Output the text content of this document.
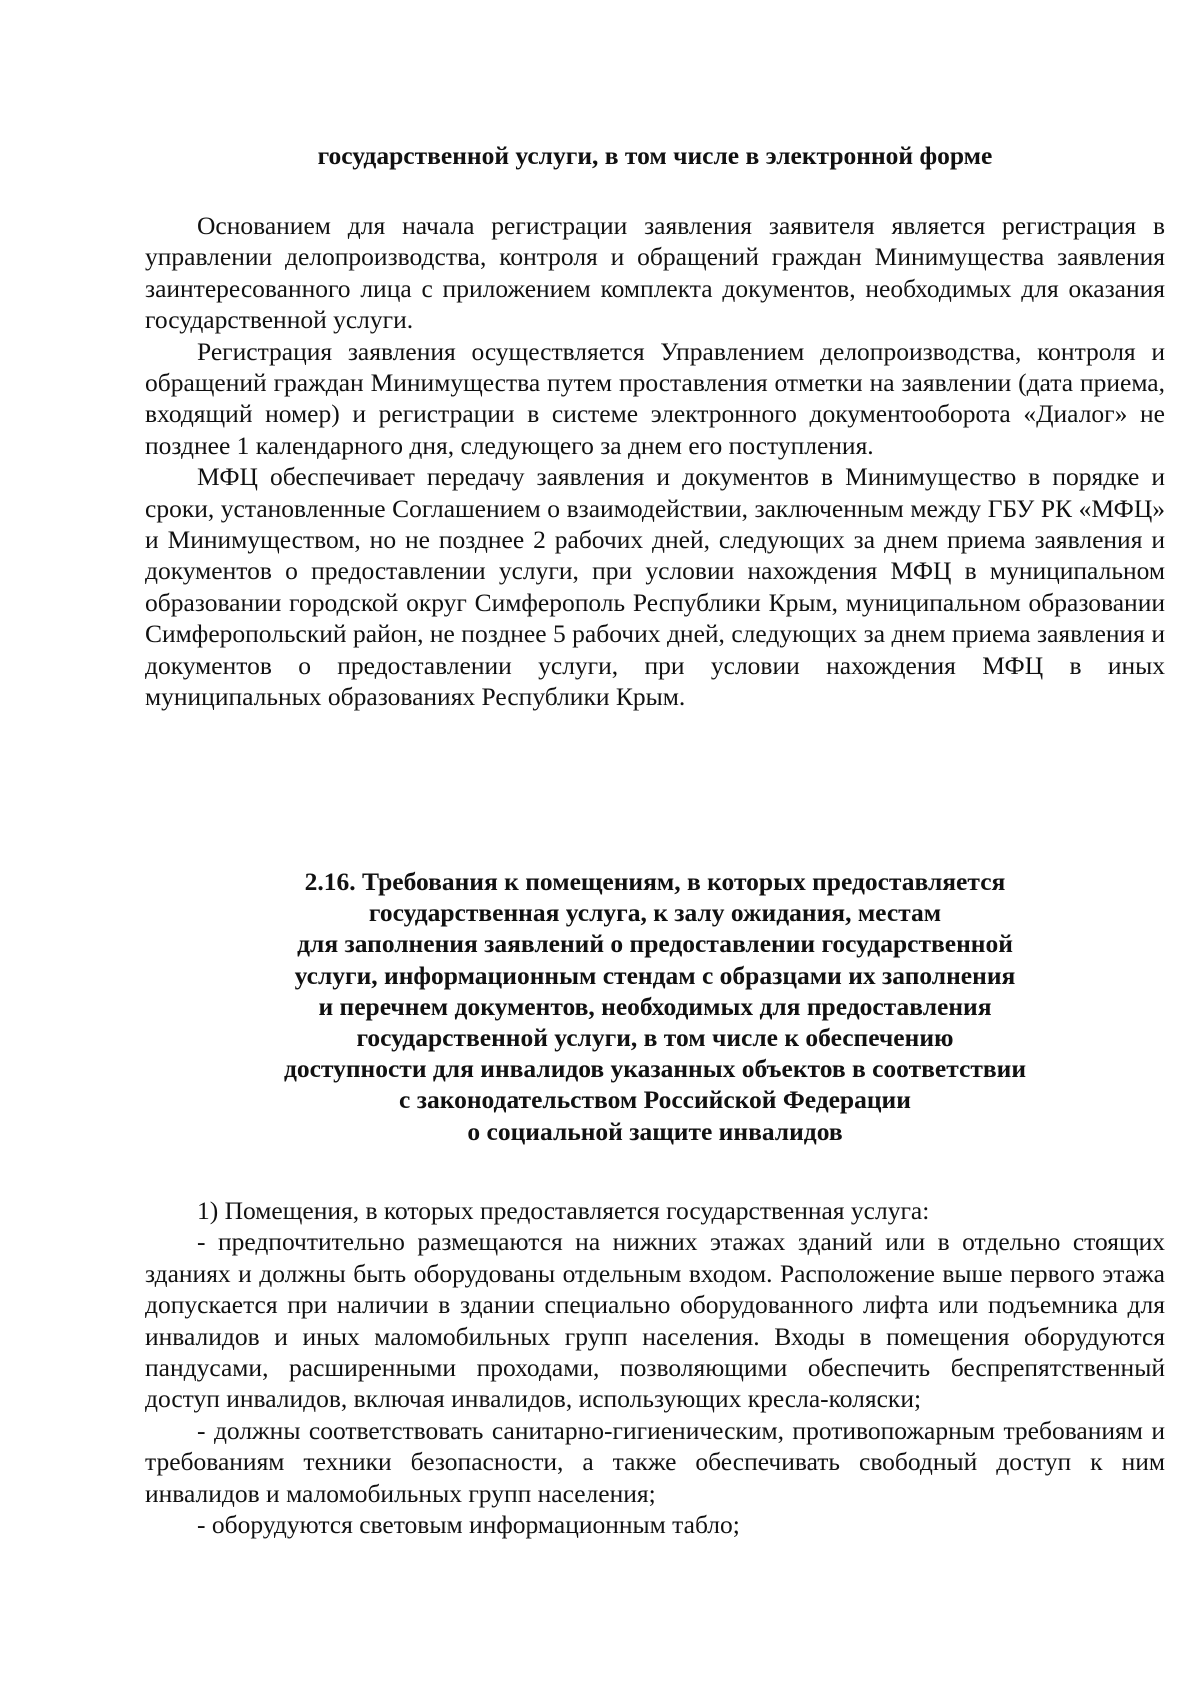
государственной услуги, в том числе в электронной форме

Основанием для начала регистрации заявления заявителя является регистрация в управлении делопроизводства, контроля и обращений граждан Минимущества заявления заинтересованного лица с приложением комплекта документов, необходимых для оказания государственной услуги.

Регистрация заявления осуществляется Управлением делопроизводства, контроля и обращений граждан Минимущества путем проставления отметки на заявлении (дата приема, входящий номер) и регистрации в системе электронного документооборота «Диалог» не позднее 1 календарного дня, следующего за днем его поступления.

МФЦ обеспечивает передачу заявления и документов в Минимущество в порядке и сроки, установленные Соглашением о взаимодействии, заключенным между ГБУ РК «МФЦ» и Минимуществом, но не позднее 2 рабочих дней, следующих за днем приема заявления и документов о предоставлении услуги, при условии нахождения МФЦ в муниципальном образовании городской округ Симферополь Республики Крым, муниципальном образовании Симферопольский район, не позднее 5 рабочих дней, следующих за днем приема заявления и документов о предоставлении услуги, при условии нахождения МФЦ в иных муниципальных образованиях Республики Крым.

2.16. Требования к помещениям, в которых предоставляется
государственная услуга, к залу ожидания, местам
для заполнения заявлений о предоставлении государственной
услуги, информационным стендам с образцами их заполнения
и перечнем документов, необходимых для предоставления
государственной услуги, в том числе к обеспечению
доступности для инвалидов указанных объектов в соответствии
с законодательством Российской Федерации
о социальной защите инвалидов

1) Помещения, в которых предоставляется государственная услуга:

- предпочтительно размещаются на нижних этажах зданий или в отдельно стоящих зданиях и должны быть оборудованы отдельным входом. Расположение выше первого этажа допускается при наличии в здании специально оборудованного лифта или подъемника для инвалидов и иных маломобильных групп населения. Входы в помещения оборудуются пандусами, расширенными проходами, позволяющими обеспечить беспрепятственный доступ инвалидов, включая инвалидов, использующих кресла-коляски;

- должны соответствовать санитарно-гигиеническим, противопожарным требованиям и требованиям техники безопасности, а также обеспечивать свободный доступ к ним инвалидов и маломобильных групп населения;

- оборудуются световым информационным табло;
